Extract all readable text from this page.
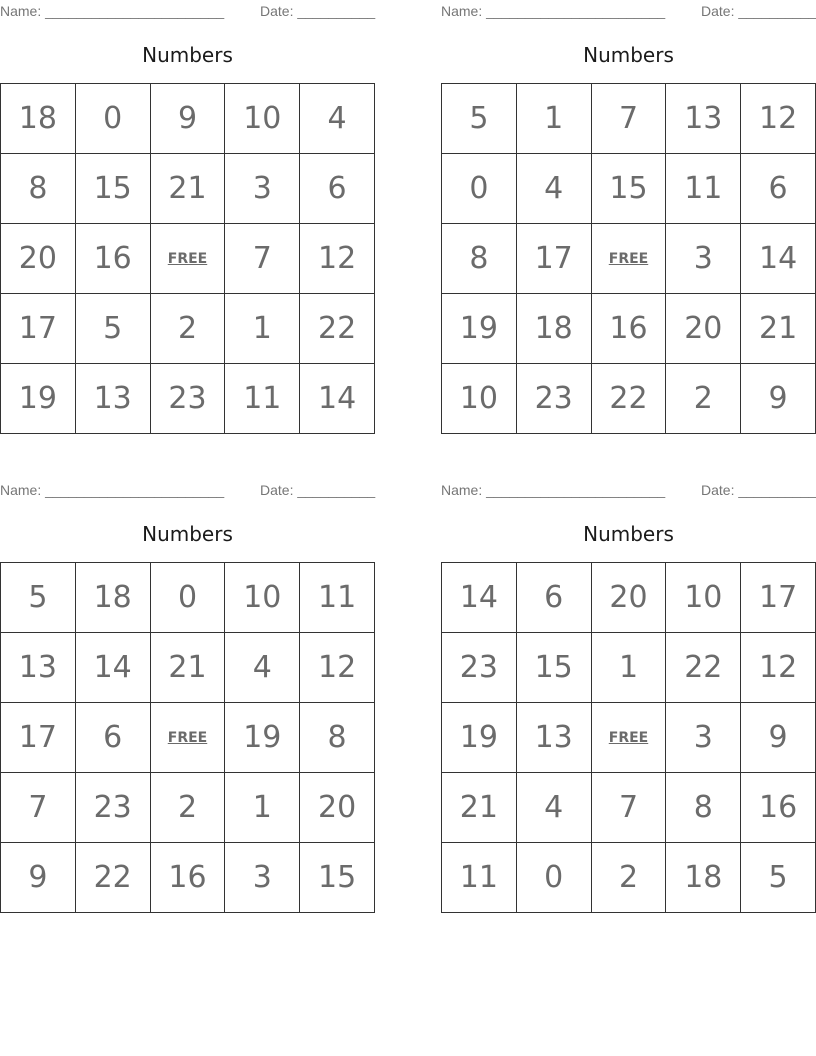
Name: _______________________	Date: __________
Numbers
18	0	9	10	4
8	15	21	3	6
20	16	FREE	7	12
17	5	2	1	22
19	13	23	11	14
Name: _______________________	Date: __________
Numbers
5	1	7	13	12
0	4	15	11	6
8	17	FREE	3	14
19	18	16	20	21
10	23	22	2	9
Name: _______________________	Date: __________
Numbers
5	18	0	10	11
13	14	21	4	12
17	6	FREE	19	8
7	23	2	1	20
9	22	16	3	15
Name: _______________________	Date: __________
Numbers
14	6	20	10	17
23	15	1	22	12
19	13	FREE	3	9
21	4	7	8	16
11	0	2	18	5
